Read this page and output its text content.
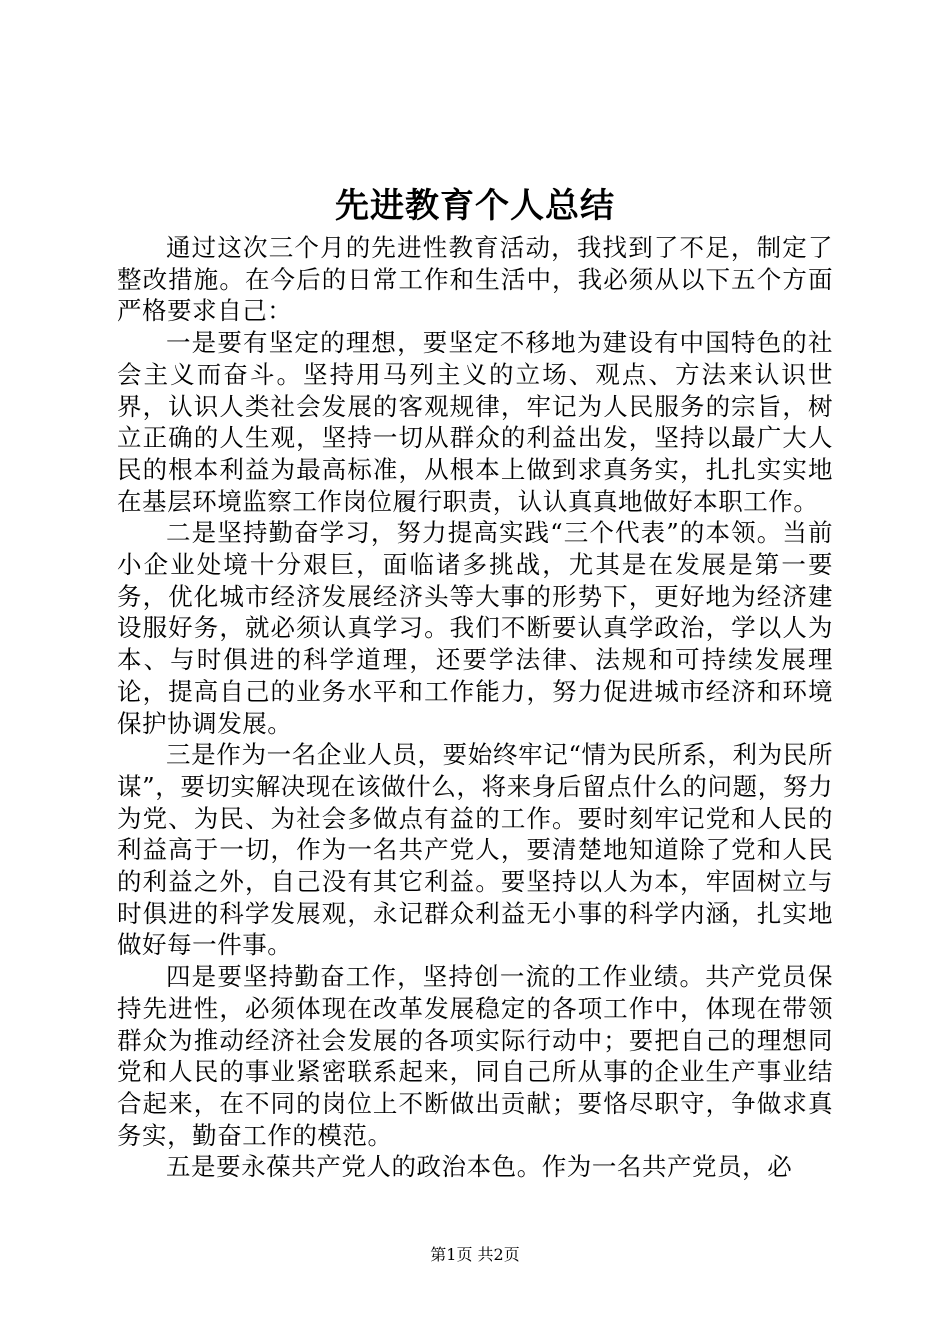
先进教育个人总结

通过这次三个月的先进性教育活动，我找到了不足，制定了整改措施。在今后的日常工作和生活中，我必须从以下五个方面严格要求自己：

一是要有坚定的理想，要坚定不移地为建设有中国特色的社会主义而奋斗。坚持用马列主义的立场、观点、方法来认识世界，认识人类社会发展的客观规律，牢记为人民服务的宗旨，树立正确的人生观，坚持一切从群众的利益出发，坚持以最广大人民的根本利益为最高标准，从根本上做到求真务实，扎扎实实地在基层环境监察工作岗位履行职责，认认真真地做好本职工作。

二是坚持勤奋学习，努力提高实践“三个代表”的本领。当前小企业处境十分艰巨，面临诸多挑战，尤其是在发展是第一要务，优化城市经济发展经济头等大事的形势下，更好地为经济建设服好务，就必须认真学习。我们不断要认真学政治，学以人为本、与时俱进的科学道理，还要学法律、法规和可持续发展理论，提高自己的业务水平和工作能力，努力促进城市经济和环境保护协调发展。

三是作为一名企业人员，要始终牢记“情为民所系，利为民所谋”，要切实解决现在该做什么，将来身后留点什么的问题，努力为党、为民、为社会多做点有益的工作。要时刻牢记党和人民的利益高于一切，作为一名共产党人，要清楚地知道除了党和人民的利益之外，自己没有其它利益。要坚持以人为本，牢固树立与时俱进的科学发展观，永记群众利益无小事的科学内涵，扎实地做好每一件事。

四是要坚持勤奋工作，坚持创一流的工作业绩。共产党员保持先进性，必须体现在改革发展稳定的各项工作中，体现在带领群众为推动经济社会发展的各项实际行动中；要把自己的理想同党和人民的事业紧密联系起来，同自己所从事的企业生产事业结合起来，在不同的岗位上不断做出贡献；要恪尽职守，争做求真务实，勤奋工作的模范。

五是要永葆共产党人的政治本色。作为一名共产党员，必

第1页 共2页
